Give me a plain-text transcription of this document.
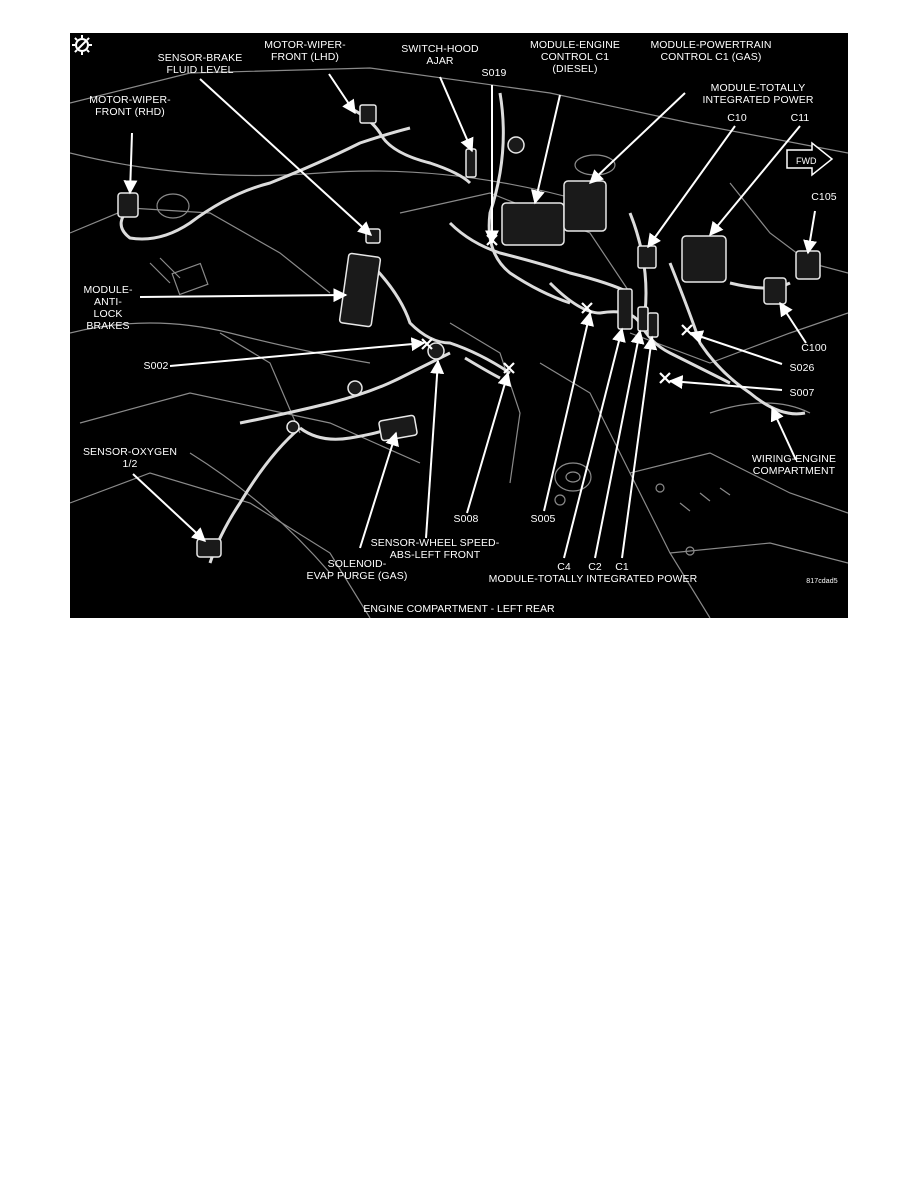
FWD
SENSOR-BRAKE
FLUID LEVEL
MOTOR-WIPER-
FRONT (LHD)
SWITCH-HOOD
AJAR
S019
MODULE-ENGINE
CONTROL C1
(DIESEL)
MODULE-POWERTRAIN
CONTROL C1 (GAS)
MOTOR-WIPER-
FRONT (RHD)
MODULE-TOTALLY
INTEGRATED POWER
C10	C11
C105
MODULE-
ANTI-LOCK
BRAKES
S002
C100
S026
S007
SENSOR-OXYGEN
1/2	WIRING-ENGINE
COMPARTMENT
S008	S005
SENSOR-WHEEL SPEED-
ABS-LEFT FRONT
SOLENOID-
EVAP PURGE (GAS)
C4	C2	C1
MODULE-TOTALLY INTEGRATED POWER	817cdad5
ENGINE COMPARTMENT - LEFT REAR
